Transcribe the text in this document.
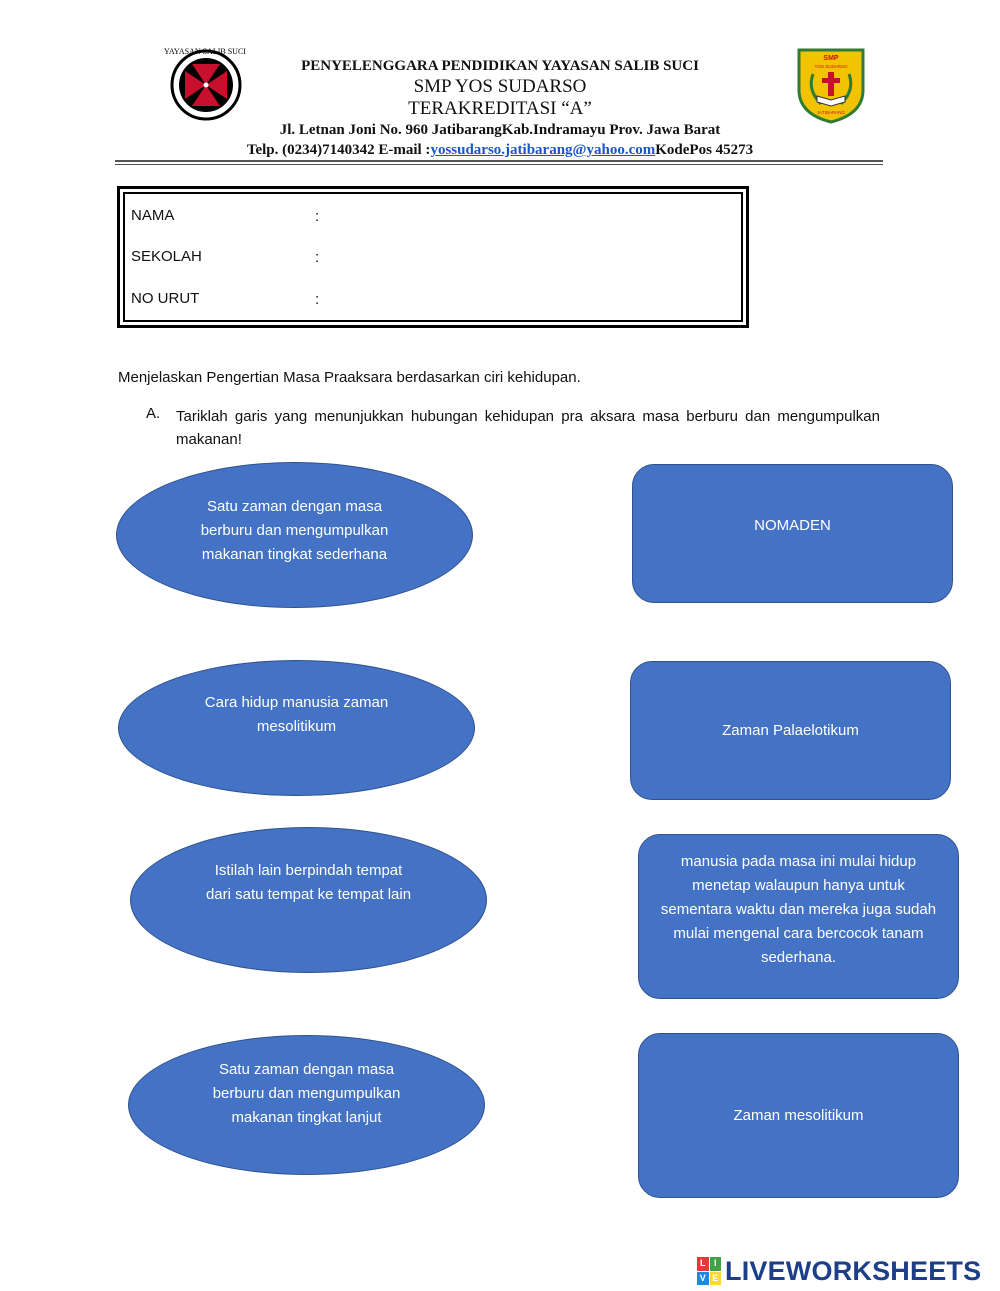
YAYASAN SALIB SUCI
SMP
YOS SUDARSO
JATIBARANG
PENYELENGGARA PENDIDIKAN YAYASAN SALIB SUCI
SMP YOS SUDARSO
TERAKREDITASI “A”
Jl. Letnan Joni No. 960 JatibarangKab.Indramayu Prov. Jawa Barat
Telp. (0234)7140342 E-mail :yossudarso.jatibarang@yahoo.comKodePos 45273
NAMA	:
SEKOLAH	:
NO URUT	:
Menjelaskan Pengertian Masa Praaksara berdasarkan ciri kehidupan.
A. Tariklah garis yang menunjukkan hubungan kehidupan pra aksara masa berburu dan mengumpulkan makanan!
Satu zaman dengan masa berburu dan mengumpulkan makanan tingkat sederhana
Cara hidup manusia zaman mesolitikum
Istilah lain berpindah tempat dari satu tempat ke tempat lain
Satu zaman dengan masa berburu dan mengumpulkan makanan tingkat lanjut
NOMADEN
Zaman Palaelotikum
manusia pada masa ini mulai hidup menetap walaupun hanya untuk sementara waktu dan mereka juga sudah mulai mengenal cara bercocok tanam sederhana.
Zaman mesolitikum
L I
V E LIVEWORKSHEETS
